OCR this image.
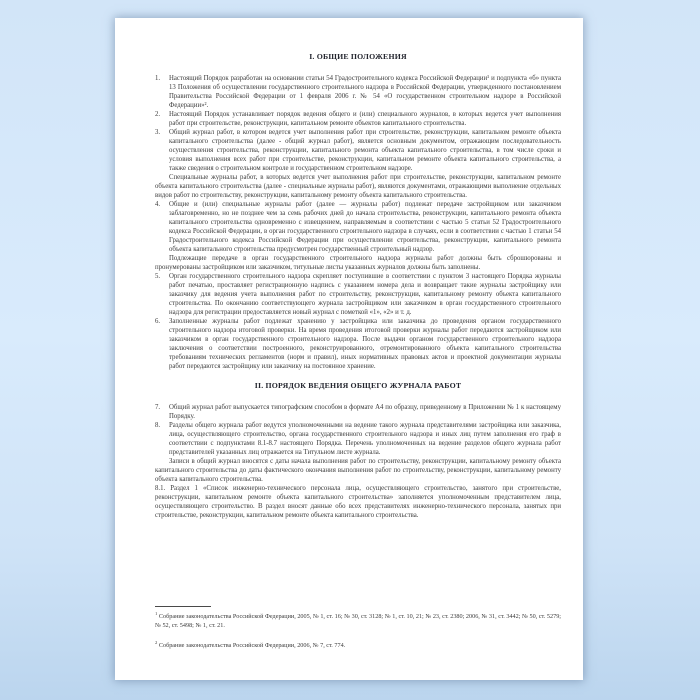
I. ОБЩИЕ ПОЛОЖЕНИЯ
1. Настоящий Порядок разработан на основании статьи 54 Градостроительного кодекса Российской Федерации¹ и подпункта «б» пункта 13 Положения об осуществлении государственного строительного надзора в Российской Федерации, утвержденного постановлением Правительства Российской Федерации от 1 февраля 2006 г. № 54 «О государственном строительном надзоре в Российской Федерации»².

2. Настоящий Порядок устанавливает порядок ведения общего и (или) специального журналов, в которых ведется учет выполнения работ при строительстве, реконструкции, капитальном ремонте объектов капитального строительства.

3. Общий журнал работ, в котором ведется учет выполнения работ при строительстве, реконструкции, капитальном ремонте объекта капитального строительства (далее - общий журнал работ), является основным документом, отражающим последовательность осуществления строительства, реконструкции, капитального ремонта объекта капитального строительства, в том числе сроки и условия выполнения всех работ при строительстве, реконструкции, капитальном ремонте объекта капитального строительства, а также сведения о строительном контроле и государственном строительном надзоре.

Специальные журналы работ, в которых ведется учет выполнения работ при строительстве, реконструкции, капитальном ремонте объекта капитального строительства (далее - специальные журналы работ), являются документами, отражающими выполнение отдельных видов работ по строительству, реконструкции, капитальному ремонту объекта капитального строительства.

4. Общие и (или) специальные журналы работ (далее — журналы работ) подлежат передаче застройщиком или заказчиком заблаговременно, но не позднее чем за семь рабочих дней до начала строительства, реконструкции, капитального ремонта объекта капитального строительства одновременно с извещением, направляемым в соответствии с частью 5 статьи 52 Градостроительного кодекса Российской Федерации, в орган государственного строительного надзора в случаях, если в соответствии с частью 1 статьи 54 Градостроительного кодекса Российской Федерации при осуществлении строительства, реконструкции, капитального ремонта объекта капитального строительства предусмотрен государственный строительный надзор.

Подлежащие передаче в орган государственного строительного надзора журналы работ должны быть сброшюрованы и пронумерованы застройщиком или заказчиком, титульные листы указанных журналов должны быть заполнены.

5. Орган государственного строительного надзора скрепляет поступившие в соответствии с пунктом 3 настоящего Порядка журналы работ печатью, проставляет регистрационную надпись с указанием номера дела и возвращает такие журналы застройщику или заказчику для ведения учета выполнения работ по строительству, реконструкции, капитальному ремонту объекта капитального строительства. По окончанию соответствующего журнала застройщиком или заказчиком в орган государственного строительного надзора для регистрации предоставляется новый журнал с пометкой «1», «2» и т. д.

6. Заполненные журналы работ подлежат хранению у застройщика или заказчика до проведения органом государственного строительного надзора итоговой проверки. На время проведения итоговой проверки журналы работ передаются застройщиком или заказчиком в орган государственного строительного надзора. После выдачи органом государственного строительного надзора заключения о соответствии построенного, реконструированного, отремонтированного объекта капитального строительства требованиям технических регламентов (норм и правил), иных нормативных правовых актов и проектной документации журналы работ передаются застройщику или заказчику на постоянное хранение.

II. ПОРЯДОК ВЕДЕНИЯ ОБЩЕГО ЖУРНАЛА РАБОТ
7. Общий журнал работ выпускается типографским способом в формате А4 по образцу, приведенному в Приложении № 1 к настоящему Порядку.

8. Разделы общего журнала работ ведутся уполномоченными на ведение такого журнала представителями застройщика или заказчика, лица, осуществляющего строительство, органа государственного строительного надзора и иных лиц путем заполнения его граф в соответствии с подпунктами 8.1-8.7 настоящего Порядка. Перечень уполномоченных на ведение разделов общего журнала работ представителей указанных лиц отражается на Титульном листе журнала.

Записи в общий журнал вносятся с даты начала выполнения работ по строительству, реконструкции, капитальному ремонту объекта капитального строительства до даты фактического окончания выполнения работ по строительству, реконструкции, капитальному ремонту объекта капитального строительства.

8.1. Раздел 1 «Список инженерно-технического персонала лица, осуществляющего строительство, занятого при строительстве, реконструкции, капитальном ремонте объекта капитального строительства» заполняется уполномоченным представителем лица, осуществляющего строительство. В раздел вносят данные обо всех представителях инженерно-технического персонала, занятых при строительстве, реконструкции, капитальном ремонте объекта капитального строительства.

$^1$ Собрание законодательства Российской Федерации, 2005, № 1, ст. 16; № 30, ст. 3128; № 1, ст. 10, 21; № 23, ст. 2380; 2006, № 31, ст. 3442; № 50, ст. 5279; № 52, ст. 5498; № 1, ст. 21.

$^2$ Собрание законодательства Российской Федерации, 2006, № 7, ст. 774.
